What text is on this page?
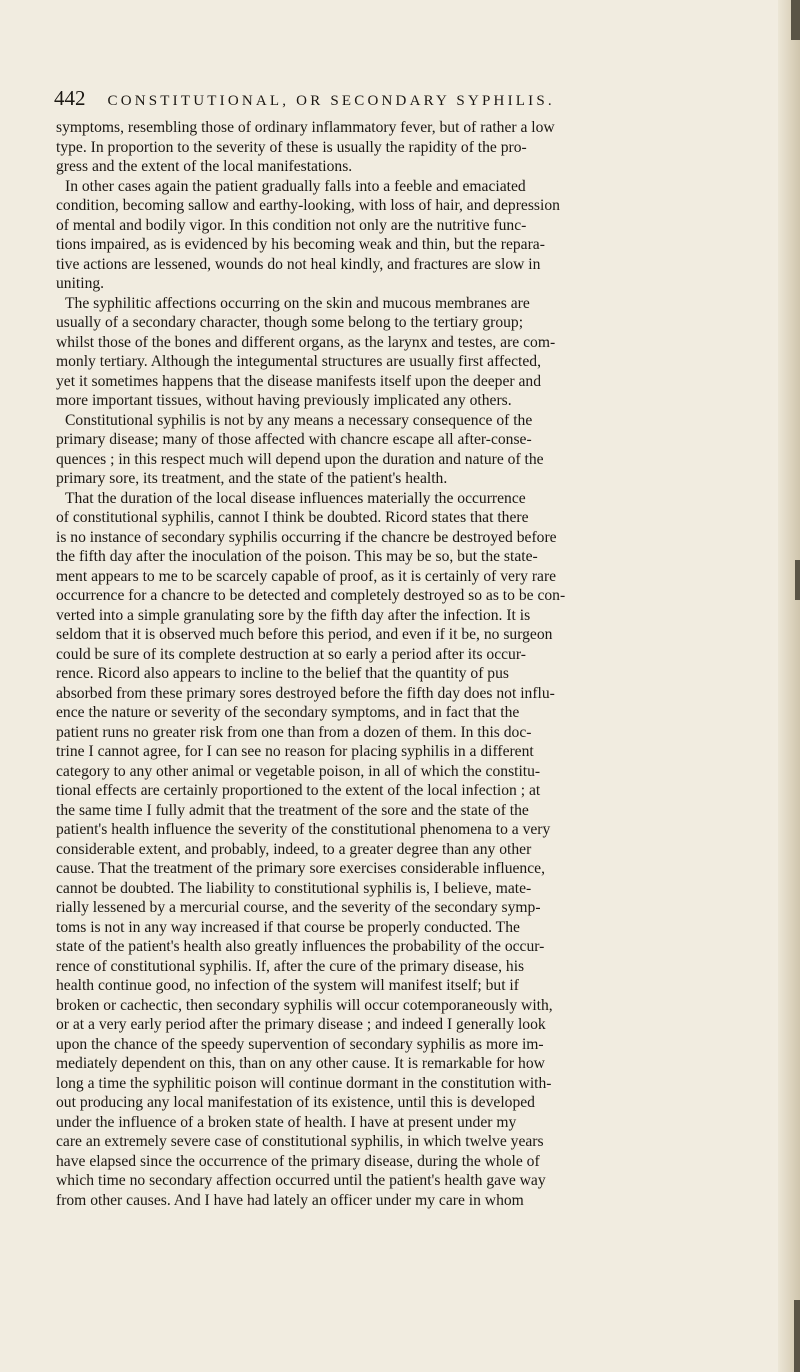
442 CONSTITUTIONAL, OR SECONDARY SYPHILIS.
symptoms, resembling those of ordinary inflammatory fever, but of rather a low
type. In proportion to the severity of these is usually the rapidity of the pro-
gress and the extent of the local manifestations.
In other cases again the patient gradually falls into a feeble and emaciated
condition, becoming sallow and earthy-looking, with loss of hair, and depression
of mental and bodily vigor. In this condition not only are the nutritive func-
tions impaired, as is evidenced by his becoming weak and thin, but the repara-
tive actions are lessened, wounds do not heal kindly, and fractures are slow in
uniting.
The syphilitic affections occurring on the skin and mucous membranes are
usually of a secondary character, though some belong to the tertiary group;
whilst those of the bones and different organs, as the larynx and testes, are com-
monly tertiary. Although the integumental structures are usually first affected,
yet it sometimes happens that the disease manifests itself upon the deeper and
more important tissues, without having previously implicated any others.
Constitutional syphilis is not by any means a necessary consequence of the
primary disease; many of those affected with chancre escape all after-conse-
quences ; in this respect much will depend upon the duration and nature of the
primary sore, its treatment, and the state of the patient's health.
That the duration of the local disease influences materially the occurrence
of constitutional syphilis, cannot I think be doubted. Ricord states that there
is no instance of secondary syphilis occurring if the chancre be destroyed before
the fifth day after the inoculation of the poison. This may be so, but the state-
ment appears to me to be scarcely capable of proof, as it is certainly of very rare
occurrence for a chancre to be detected and completely destroyed so as to be con-
verted into a simple granulating sore by the fifth day after the infection. It is
seldom that it is observed much before this period, and even if it be, no surgeon
could be sure of its complete destruction at so early a period after its occur-
rence. Ricord also appears to incline to the belief that the quantity of pus
absorbed from these primary sores destroyed before the fifth day does not influ-
ence the nature or severity of the secondary symptoms, and in fact that the
patient runs no greater risk from one than from a dozen of them. In this doc-
trine I cannot agree, for I can see no reason for placing syphilis in a different
category to any other animal or vegetable poison, in all of which the constitu-
tional effects are certainly proportioned to the extent of the local infection ; at
the same time I fully admit that the treatment of the sore and the state of the
patient's health influence the severity of the constitutional phenomena to a very
considerable extent, and probably, indeed, to a greater degree than any other
cause. That the treatment of the primary sore exercises considerable influence,
cannot be doubted. The liability to constitutional syphilis is, I believe, mate-
rially lessened by a mercurial course, and the severity of the secondary symp-
toms is not in any way increased if that course be properly conducted. The
state of the patient's health also greatly influences the probability of the occur-
rence of constitutional syphilis. If, after the cure of the primary disease, his
health continue good, no infection of the system will manifest itself; but if
broken or cachectic, then secondary syphilis will occur cotemporaneously with,
or at a very early period after the primary disease ; and indeed I generally look
upon the chance of the speedy supervention of secondary syphilis as more im-
mediately dependent on this, than on any other cause. It is remarkable for how
long a time the syphilitic poison will continue dormant in the constitution with-
out producing any local manifestation of its existence, until this is developed
under the influence of a broken state of health. I have at present under my
care an extremely severe case of constitutional syphilis, in which twelve years
have elapsed since the occurrence of the primary disease, during the whole of
which time no secondary affection occurred until the patient's health gave way
from other causes. And I have had lately an officer under my care in whom
